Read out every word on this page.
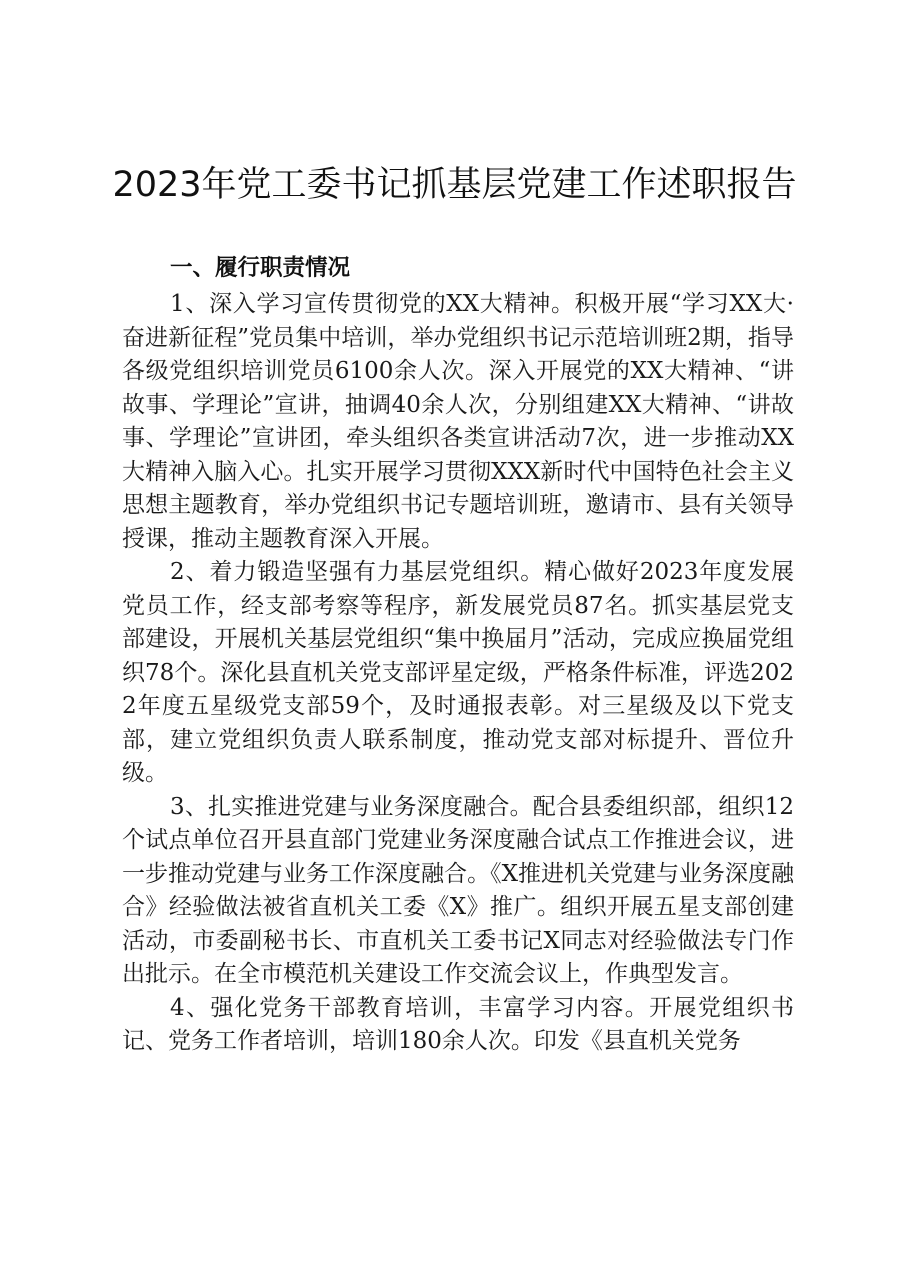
2023年党工委书记抓基层党建工作述职报告
一、履行职责情况

1、深入学习宣传贯彻党的XX大精神。积极开展“学习XX大·奋进新征程”党员集中培训，举办党组织书记示范培训班2期，指导各级党组织培训党员6100余人次。深入开展党的XX大精神、“讲故事、学理论”宣讲，抽调40余人次，分别组建XX大精神、“讲故事、学理论”宣讲团，牵头组织各类宣讲活动7次，进一步推动XX大精神入脑入心。扎实开展学习贯彻XXX新时代中国特色社会主义思想主题教育，举办党组织书记专题培训班，邀请市、县有关领导授课，推动主题教育深入开展。

2、着力锻造坚强有力基层党组织。精心做好2023年度发展党员工作，经支部考察等程序，新发展党员87名。抓实基层党支部建设，开展机关基层党组织“集中换届月”活动，完成应换届党组织78个。深化县直机关党支部评星定级，严格条件标准，评选2022年度五星级党支部59个，及时通报表彰。对三星级及以下党支部，建立党组织负责人联系制度，推动党支部对标提升、晋位升级。

3、扎实推进党建与业务深度融合。配合县委组织部，组织12个试点单位召开县直部门党建业务深度融合试点工作推进会议，进一步推动党建与业务工作深度融合。《X推进机关党建与业务深度融合》经验做法被省直机关工委《X》推广。组织开展五星支部创建活动，市委副秘书长、市直机关工委书记X同志对经验做法专门作出批示。在全市模范机关建设工作交流会议上，作典型发言。

4、强化党务干部教育培训，丰富学习内容。开展党组织书记、党务工作者培训，培训180余人次。印发《县直机关党务
